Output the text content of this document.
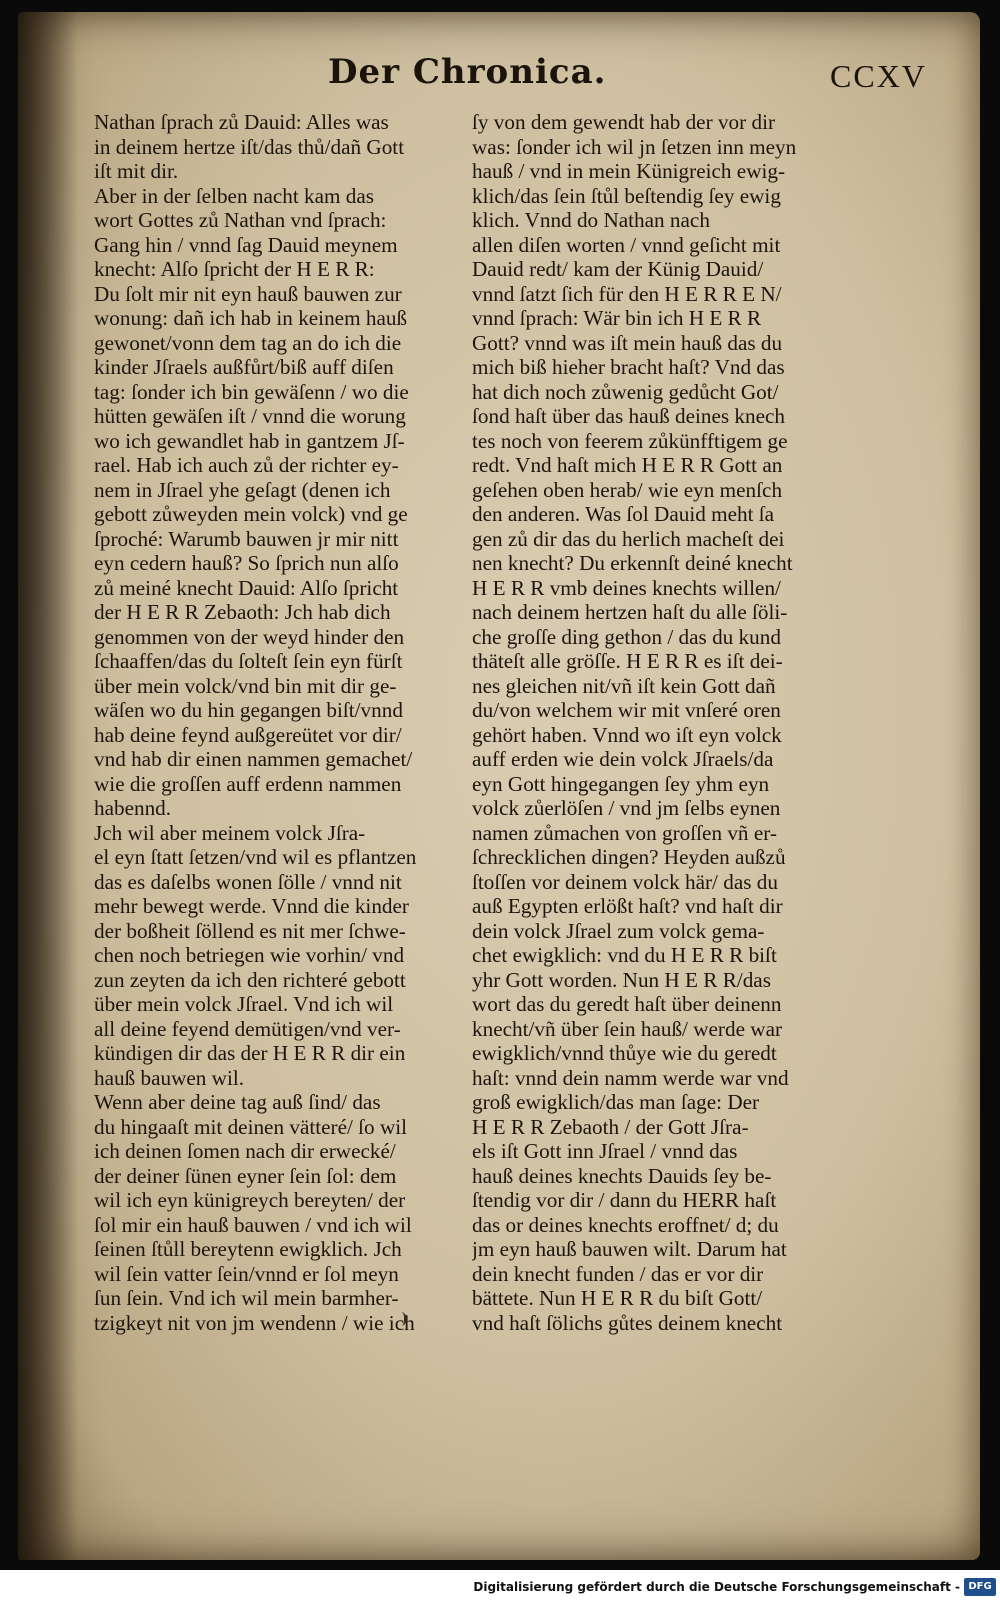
Der Chronica.	CCXV
Nathan ſprach zů Dauid: Alles was
in deinem hertze iſt/das thů/dañ Gott
iſt mit dir.
Aber in der ſelben nacht kam das
wort Gottes zů Nathan vnd ſprach:
Gang hin / vnnd ſag Dauid meynem
knecht: Alſo ſpricht der H E R R:
Du ſolt mir nit eyn hauß bauwen zur
wonung: dañ ich hab in keinem hauß
gewonet/vonn dem tag an do ich die
kinder Jſraels außfůrt/biß auff diſen
tag: ſonder ich bin gewäſenn / wo die
hütten gewäſen iſt / vnnd die worung
wo ich gewandlet hab in gantzem Jſ-
rael. Hab ich auch zů der richter ey-
nem in Jſrael yhe geſagt (denen ich
gebott zůweyden mein volck) vnd ge
ſproché: Warumb bauwen jr mir nitt
eyn cedern hauß? So ſprich nun alſo
zů meiné knecht Dauid: Alſo ſpricht
der H E R R Zebaoth: Jch hab dich
genommen von der weyd hinder den
ſchaaffen/das du ſolteſt ſein eyn fürſt
über mein volck/vnd bin mit dir ge-
wäſen wo du hin gegangen biſt/vnnd
hab deine feynd außgereütet vor dir/
vnd hab dir einen nammen gemachet/
wie die groſſen auff erdenn nammen
habennd.
Jch wil aber meinem volck Jſra-
el eyn ſtatt ſetzen/vnd wil es pflantzen
das es daſelbs wonen ſölle / vnnd nit
mehr bewegt werde. Vnnd die kinder
der boßheit ſöllend es nit mer ſchwe-
chen noch betriegen wie vorhin/ vnd
zun zeyten da ich den richteré gebott
über mein volck Jſrael. Vnd ich wil
all deine feyend demütigen/vnd ver-
kündigen dir das der H E R R dir ein
hauß bauwen wil.
Wenn aber deine tag auß ſind/ das
du hingaaſt mit deinen vätteré/ ſo wil
ich deinen ſomen nach dir erwecké/
der deiner ſünen eyner ſein ſol: dem
wil ich eyn künigreych bereyten/ der
ſol mir ein hauß bauwen / vnd ich wil
ſeinen ſtůll bereytenn ewigklich. Jch
wil ſein vatter ſein/vnnd er ſol meyn
ſun ſein. Vnd ich wil mein barmher-
tzigkeyt nit von jm wendenn / wie ich
ſy von dem gewendt hab der vor dir
was: ſonder ich wil jn ſetzen inn meyn
hauß / vnd in mein Künigreich ewig-
klich/das ſein ſtůl beſtendig ſey ewig
klich. Vnnd do Nathan nach
allen diſen worten / vnnd geſicht mit
Dauid redt/ kam der Künig Dauid/
vnnd ſatzt ſich für den H E R R E N/
vnnd ſprach: Wär bin ich H E R R
Gott? vnnd was iſt mein hauß das du
mich biß hieher bracht haſt? Vnd das
hat dich noch zůwenig gedůcht Got/
ſond haſt über das hauß deines knech
tes noch von feerem zůkünfftigem ge
redt. Vnd haſt mich H E R R Gott an
geſehen oben herab/ wie eyn menſch
den anderen. Was ſol Dauid meht ſa
gen zů dir das du herlich macheſt dei
nen knecht? Du erkennſt deiné knecht
H E R R vmb deines knechts willen/
nach deinem hertzen haſt du alle ſöli-
che groſſe ding gethon / das du kund
thäteſt alle gröſſe. H E R R es iſt dei-
nes gleichen nit/vñ iſt kein Gott dañ
du/von welchem wir mit vnſeré oren
gehört haben. Vnnd wo iſt eyn volck
auff erden wie dein volck Jſraels/da
eyn Gott hingegangen ſey yhm eyn
volck zůerlöſen / vnd jm ſelbs eynen
namen zůmachen von groſſen vñ er-
ſchrecklichen dingen? Heyden außzů
ſtoſſen vor deinem volck här/ das du
auß Egypten erlößt haſt? vnd haſt dir
dein volck Jſrael zum volck gema-
chet ewigklich: vnd du H E R R biſt
yhr Gott worden. Nun H E R R/das
wort das du geredt haſt über deinenn
knecht/vñ über ſein hauß/ werde war
ewigklich/vnnd thůye wie du geredt
haſt: vnnd dein namm werde war vnd
groß ewigklich/das man ſage: Der
H E R R Zebaoth / der Gott Jſra-
els iſt Gott inn Jſrael / vnnd das
hauß deines knechts Dauids ſey be-
ſtendig vor dir / dann du HERR haſt
das or deines knechts eroffnet/ d; du
jm eyn hauß bauwen wilt. Darum hat
dein knecht funden / das er vor dir
bättete. Nun H E R R du biſt Gott/
vnd haſt ſölichs gůtes deinem knecht
Digitalisierung gefördert durch die Deutsche Forschungsgemeinschaft - DFG
